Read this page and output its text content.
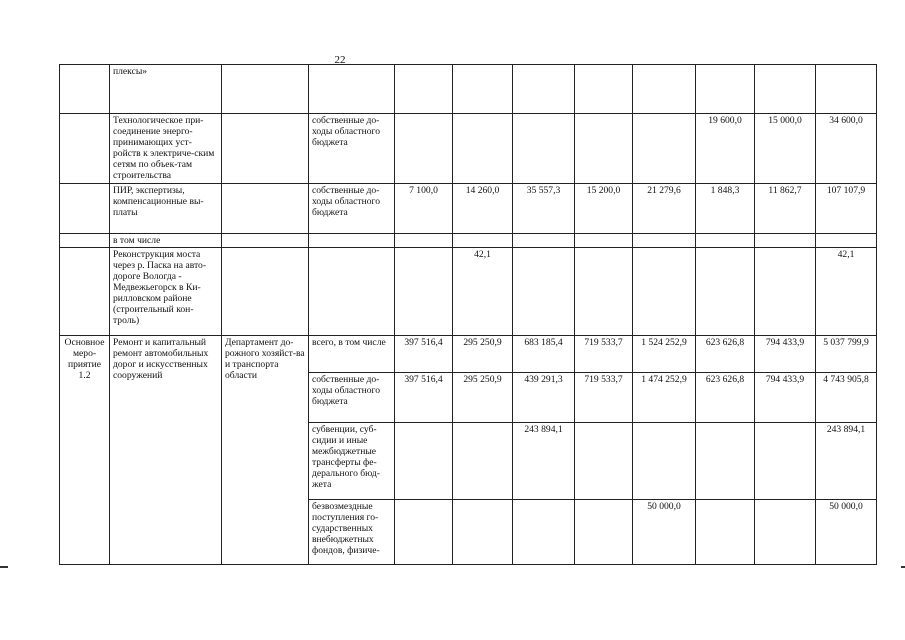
22
	плексы»										
	Технологическое при-соединение энерго-принимающих уст-ройств к электриче-ским сетям по объек-там строительства		собственные до-ходы областного бюджета						19 600,0	15 000,0	34 600,0
	ПИР, экспертизы, компенсационные вы-платы		собственные до-ходы областного бюджета	7 100,0	14 260,0	35 557,3	15 200,0	21 279,6	1 848,3	11 862,7	107 107,9
	в том числе										
	Реконструкция моста через р. Паска на авто-дороге Вологда - Медвежьегорск в Ки-рилловском районе (строительный кон-троль)				42,1						42,1
Основное меро-приятие 1.2	Ремонт и капитальный ремонт автомобильных дорог и искусственных сооружений	Департамент до-рожного хозяйст-ва и транспорта области	всего, в том числе	397 516,4	295 250,9	683 185,4	719 533,7	1 524 252,9	623 626,8	794 433,9	5 037 799,9
			собственные до-ходы областного бюджета	397 516,4	295 250,9	439 291,3	719 533,7	1 474 252,9	623 626,8	794 433,9	4 743 905,8
			субвенции, суб-сидии и иные межбюджетные трансферты фе-дерального бюд-жета			243 894,1					243 894,1
			безвозмездные поступления го-сударственных внебюджетных фондов, физиче-					50 000,0			50 000,0
